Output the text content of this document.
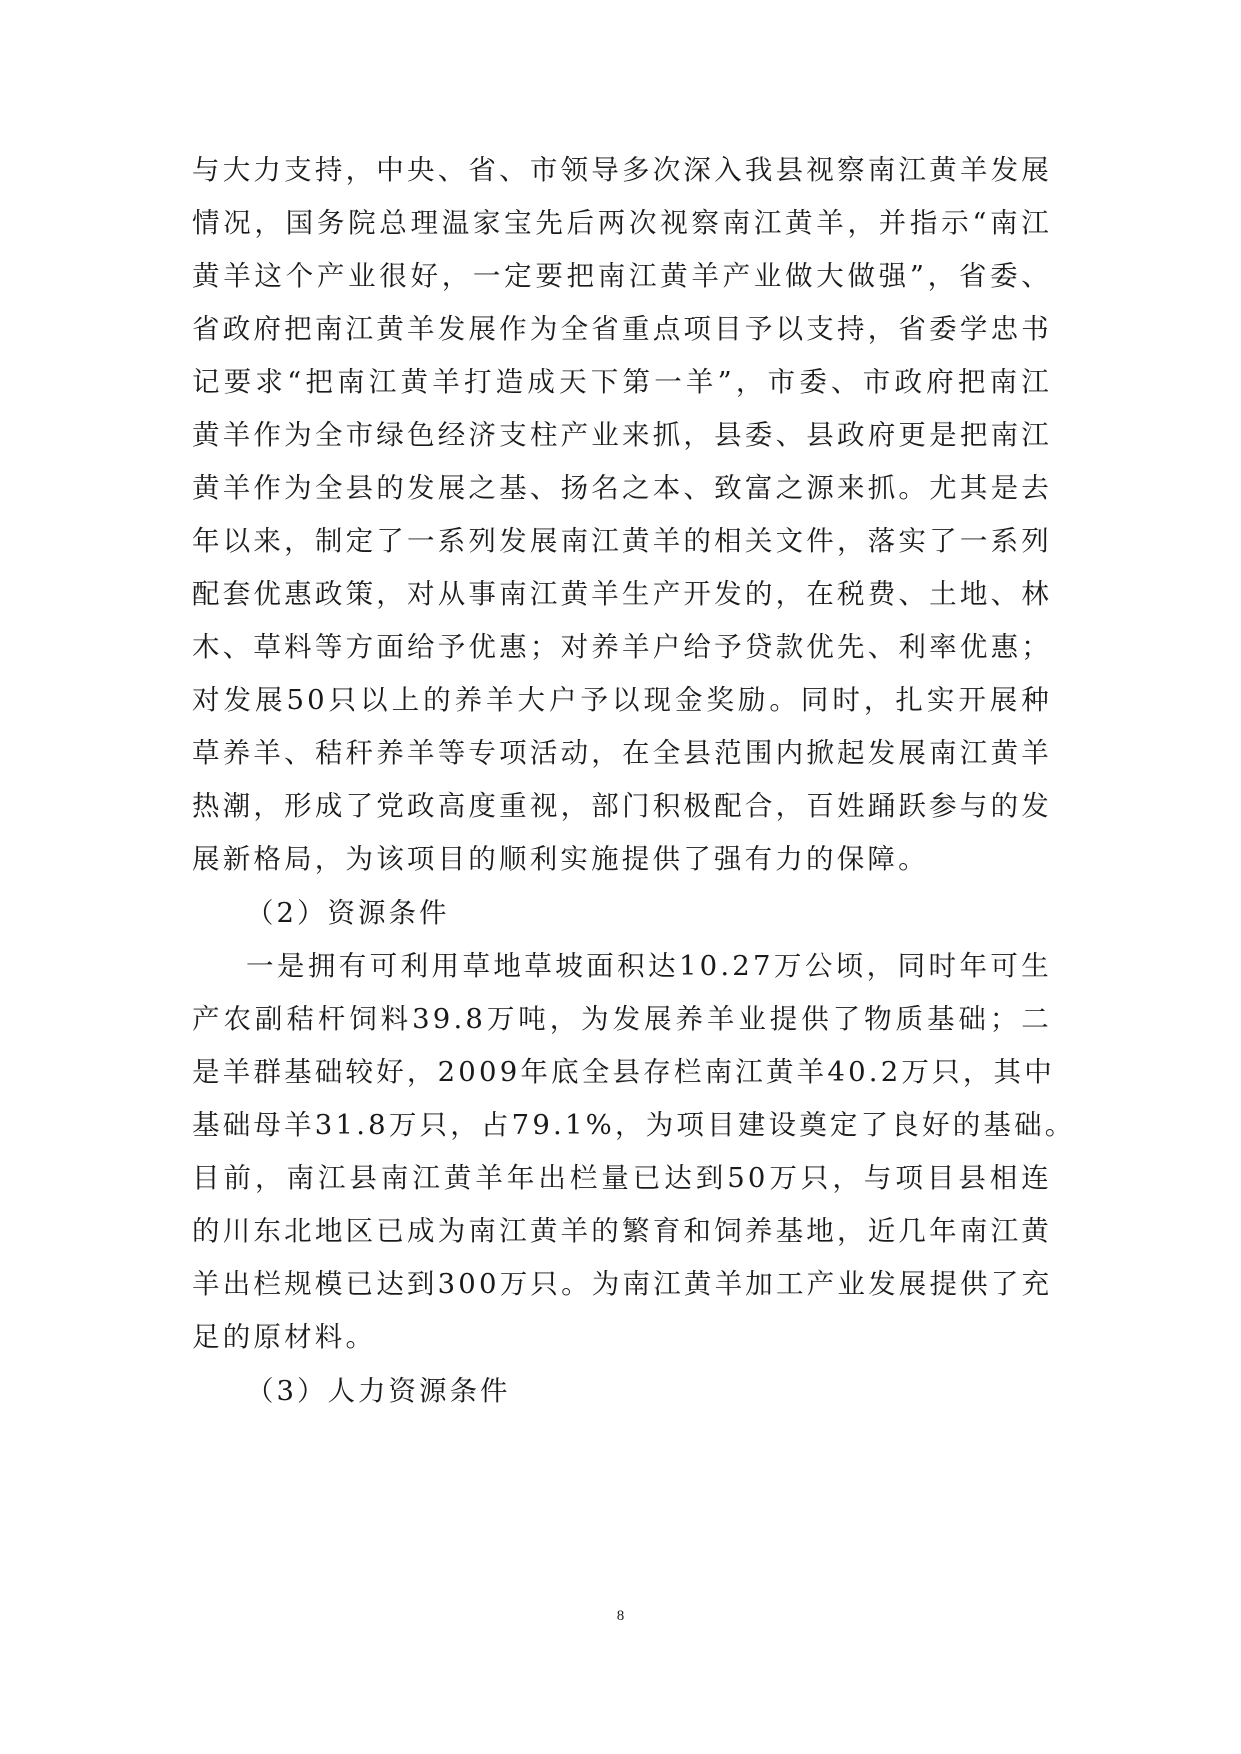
与大力支持，中央、省、市领导多次深入我县视察南江黄羊发展
情况，国务院总理温家宝先后两次视察南江黄羊，并指示“南江
黄羊这个产业很好，一定要把南江黄羊产业做大做强”，省委、
省政府把南江黄羊发展作为全省重点项目予以支持，省委学忠书
记要求“把南江黄羊打造成天下第一羊”，市委、市政府把南江
黄羊作为全市绿色经济支柱产业来抓，县委、县政府更是把南江
黄羊作为全县的发展之基、扬名之本、致富之源来抓。尤其是去
年以来，制定了一系列发展南江黄羊的相关文件，落实了一系列
配套优惠政策，对从事南江黄羊生产开发的，在税费、土地、林
木、草料等方面给予优惠；对养羊户给予贷款优先、利率优惠；
对发展50只以上的养羊大户予以现金奖励。同时，扎实开展种
草养羊、秸秆养羊等专项活动，在全县范围内掀起发展南江黄羊
热潮，形成了党政高度重视，部门积极配合，百姓踊跃参与的发
展新格局，为该项目的顺利实施提供了强有力的保障。
（2）资源条件
一是拥有可利用草地草坡面积达10.27万公顷，同时年可生
产农副秸杆饲料39.8万吨，为发展养羊业提供了物质基础；二
是羊群基础较好，2009年底全县存栏南江黄羊40.2万只，其中
基础母羊31.8万只，占79.1%，为项目建设奠定了良好的基础。
目前，南江县南江黄羊年出栏量已达到50万只，与项目县相连
的川东北地区已成为南江黄羊的繁育和饲养基地，近几年南江黄
羊出栏规模已达到300万只。为南江黄羊加工产业发展提供了充
足的原材料。
（3）人力资源条件
8
